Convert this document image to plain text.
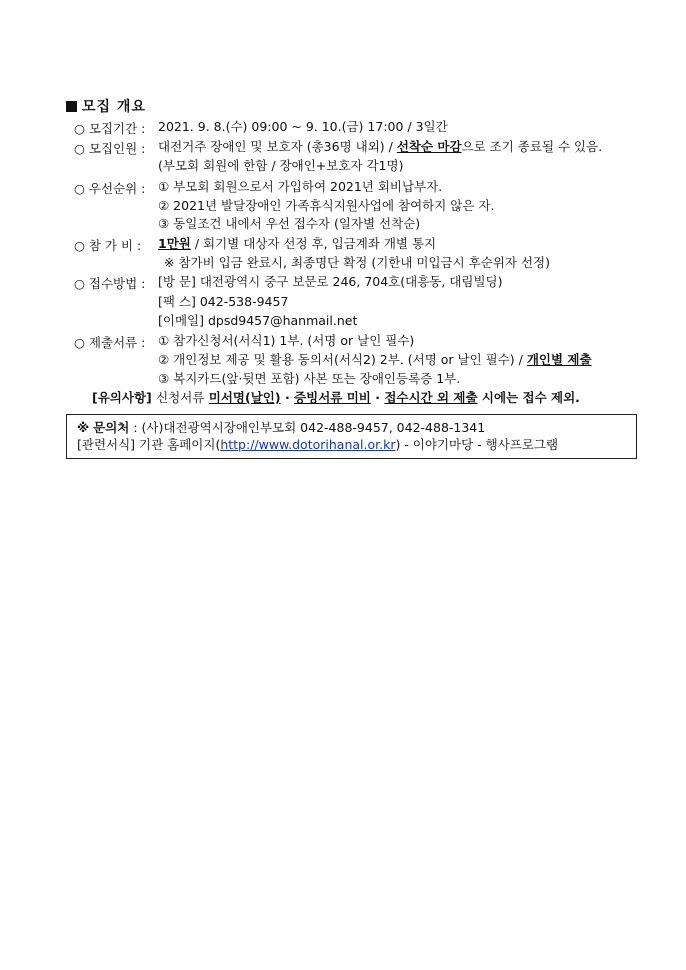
모집 개요
○ 모집기간 : 2021. 9. 8.(수) 09:00 ~ 9. 10.(금) 17:00 / 3일간
○ 모집인원 : 대전거주 장애인 및 보호자 (총36명 내외) / 선착순 마감으로 조기 종료될 수 있음.
(부모회 회원에 한함 / 장애인+보호자 각1명)
○ 우선순위 : ① 부모회 회원으로서 가입하여 2021년 회비납부자.
② 2021년 발달장애인 가족휴식지원사업에 참여하지 않은 자.
③ 동일조건 내에서 우선 접수자 (일자별 선착순)
○ 참 가 비 : 1만원 / 회기별 대상자 선정 후, 입금계좌 개별 통지
※ 참가비 입금 완료시, 최종명단 확정 (기한내 미입금시 후순위자 선정)
○ 접수방법 : [방 문] 대전광역시 중구 보문로 246, 704호(대흥동, 대림빌딩)
[팩 스] 042-538-9457
[이메일] dpsd9457@hanmail.net
○ 제출서류 : ① 참가신청서(서식1) 1부. (서명 or 날인 필수)
② 개인정보 제공 및 활용 동의서(서식2) 2부. (서명 or 날인 필수) / 개인별 제출
③ 복지카드(앞·뒷면 포함) 사본 또는 장애인등록증 1부.
[유의사항] 신청서류 미서명(날인) · 증빙서류 미비 · 접수시간 외 제출 시에는 접수 제외.
※ 문의처 : (사)대전광역시장애인부모회 042-488-9457, 042-488-1341
[관련서식] 기관 홈페이지(http://www.dotorihanal.or.kr) - 이야기마당 - 행사프로그램
